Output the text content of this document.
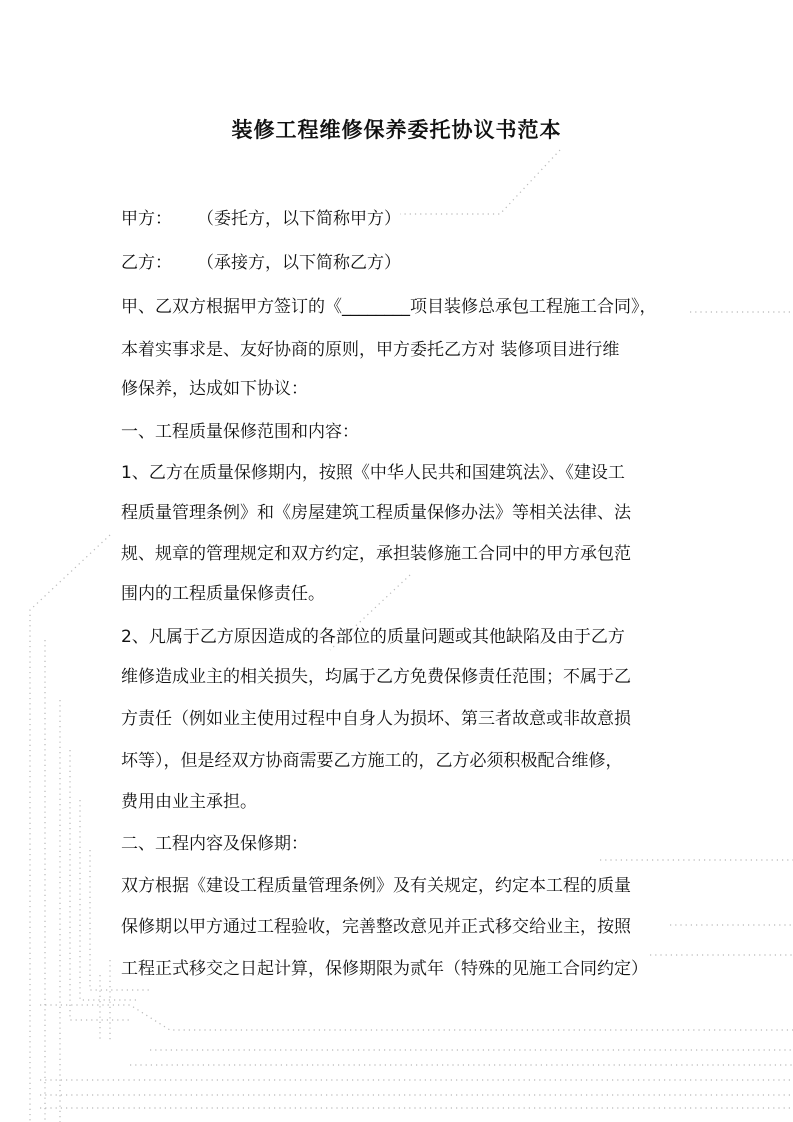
装修工程维修保养委托协议书范本

甲方： （委托方，以下简称甲方）

乙方： （承接方，以下简称乙方）

甲、乙双方根据甲方签订的《________项目装修总承包工程施工合同》，

本着实事求是、友好协商的原则，甲方委托乙方对 装修项目进行维

修保养，达成如下协议：

一、工程质量保修范围和内容：

1、乙方在质量保修期内，按照《中华人民共和国建筑法》、《建设工

程质量管理条例》和《房屋建筑工程质量保修办法》等相关法律、法

规、规章的管理规定和双方约定，承担装修施工合同中的甲方承包范

围内的工程质量保修责任。

2、凡属于乙方原因造成的各部位的质量问题或其他缺陷及由于乙方

维修造成业主的相关损失，均属于乙方免费保修责任范围；不属于乙

方责任（例如业主使用过程中自身人为损坏、第三者故意或非故意损

坏等），但是经双方协商需要乙方施工的，乙方必须积极配合维修，

费用由业主承担。

二、工程内容及保修期：

双方根据《建设工程质量管理条例》及有关规定，约定本工程的质量

保修期以甲方通过工程验收，完善整改意见并正式移交给业主，按照

工程正式移交之日起计算，保修期限为贰年（特殊的见施工合同约定）
